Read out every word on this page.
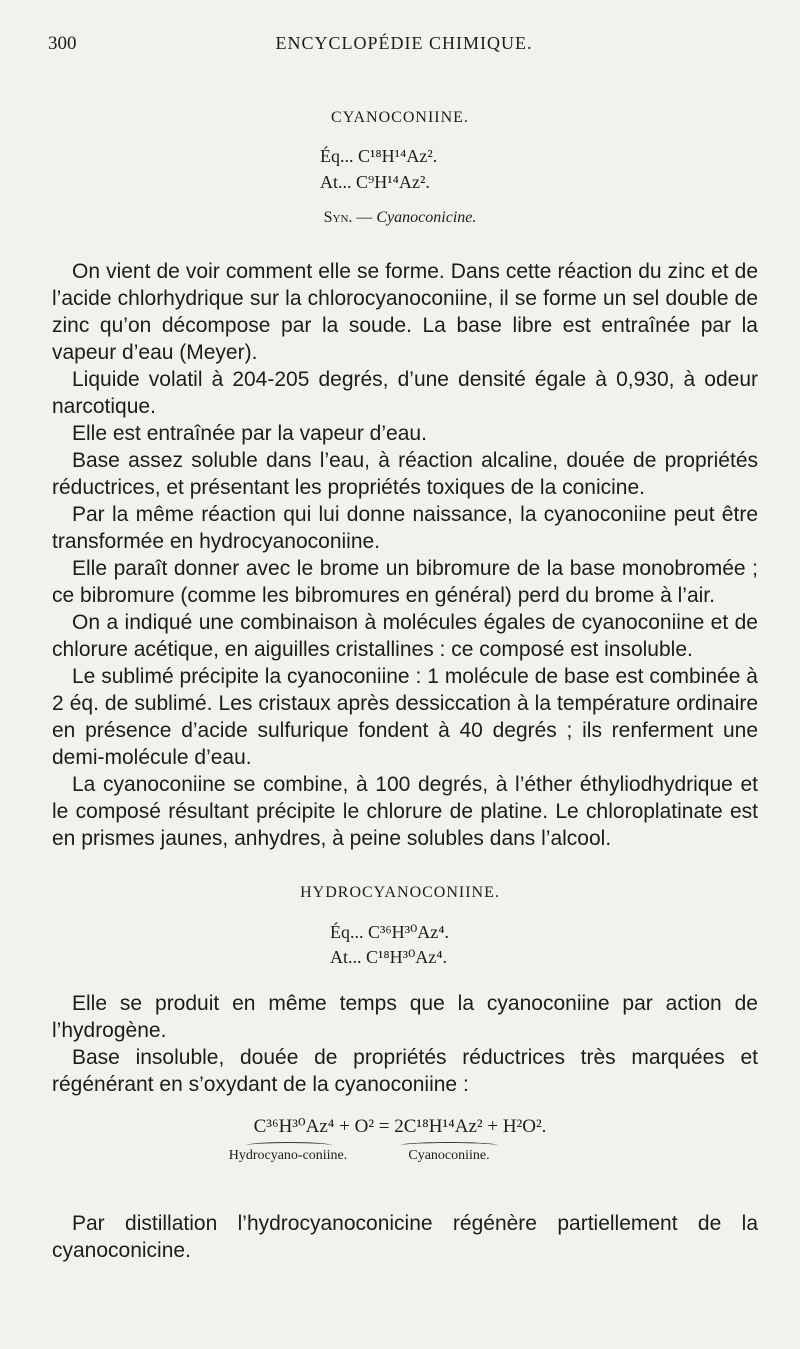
300	ENCYCLOPÉDIE CHIMIQUE.
CYANOCONIINE.
Éq... C¹⁸H¹⁴Az².
At... C⁹H¹⁴Az².
Syn. — Cyanoconicine.

On vient de voir comment elle se forme. Dans cette réaction du zinc et de l’acide chlorhydrique sur la chlorocyanoconiine, il se forme un sel double de zinc qu’on décompose par la soude. La base libre est entraînée par la vapeur d’eau (Meyer).

Liquide volatil à 204-205 degrés, d’une densité égale à 0,930, à odeur narcotique.

Elle est entraînée par la vapeur d’eau.

Base assez soluble dans l’eau, à réaction alcaline, douée de propriétés réductrices, et présentant les propriétés toxiques de la conicine.

Par la même réaction qui lui donne naissance, la cyanoconiine peut être transformée en hydrocyanoconiine.

Elle paraît donner avec le brome un bibromure de la base monobromée ; ce bibromure (comme les bibromures en général) perd du brome à l’air.

On a indiqué une combinaison à molécules égales de cyanoconiine et de chlorure acétique, en aiguilles cristallines : ce composé est insoluble.

Le sublimé précipite la cyanoconiine : 1 molécule de base est combinée à 2 éq. de sublimé. Les cristaux après dessiccation à la température ordinaire en présence d’acide sulfurique fondent à 40 degrés ; ils renferment une demi-molécule d’eau.

La cyanoconiine se combine, à 100 degrés, à l’éther éthyliodhydrique et le composé résultant précipite le chlorure de platine. Le chloroplatinate est en prismes jaunes, anhydres, à peine solubles dans l’alcool.

HYDROCYANOCONIINE.
Éq... C³⁶H³⁰Az⁴.
At... C¹⁸H³⁰Az⁴.

Elle se produit en même temps que la cyanoconiine par action de l’hydrogène.

Base insoluble, douée de propriétés réductrices très marquées et régénérant en s’oxydant de la cyanoconiine :

C³⁶H³⁰Az⁴ + O² = 2C¹⁸H¹⁴Az² + H²O².
Hydrocyano-coniine.	Cyanoconiine.

Par distillation l’hydrocyanoconicine régénère partiellement de la cyanoconicine.
